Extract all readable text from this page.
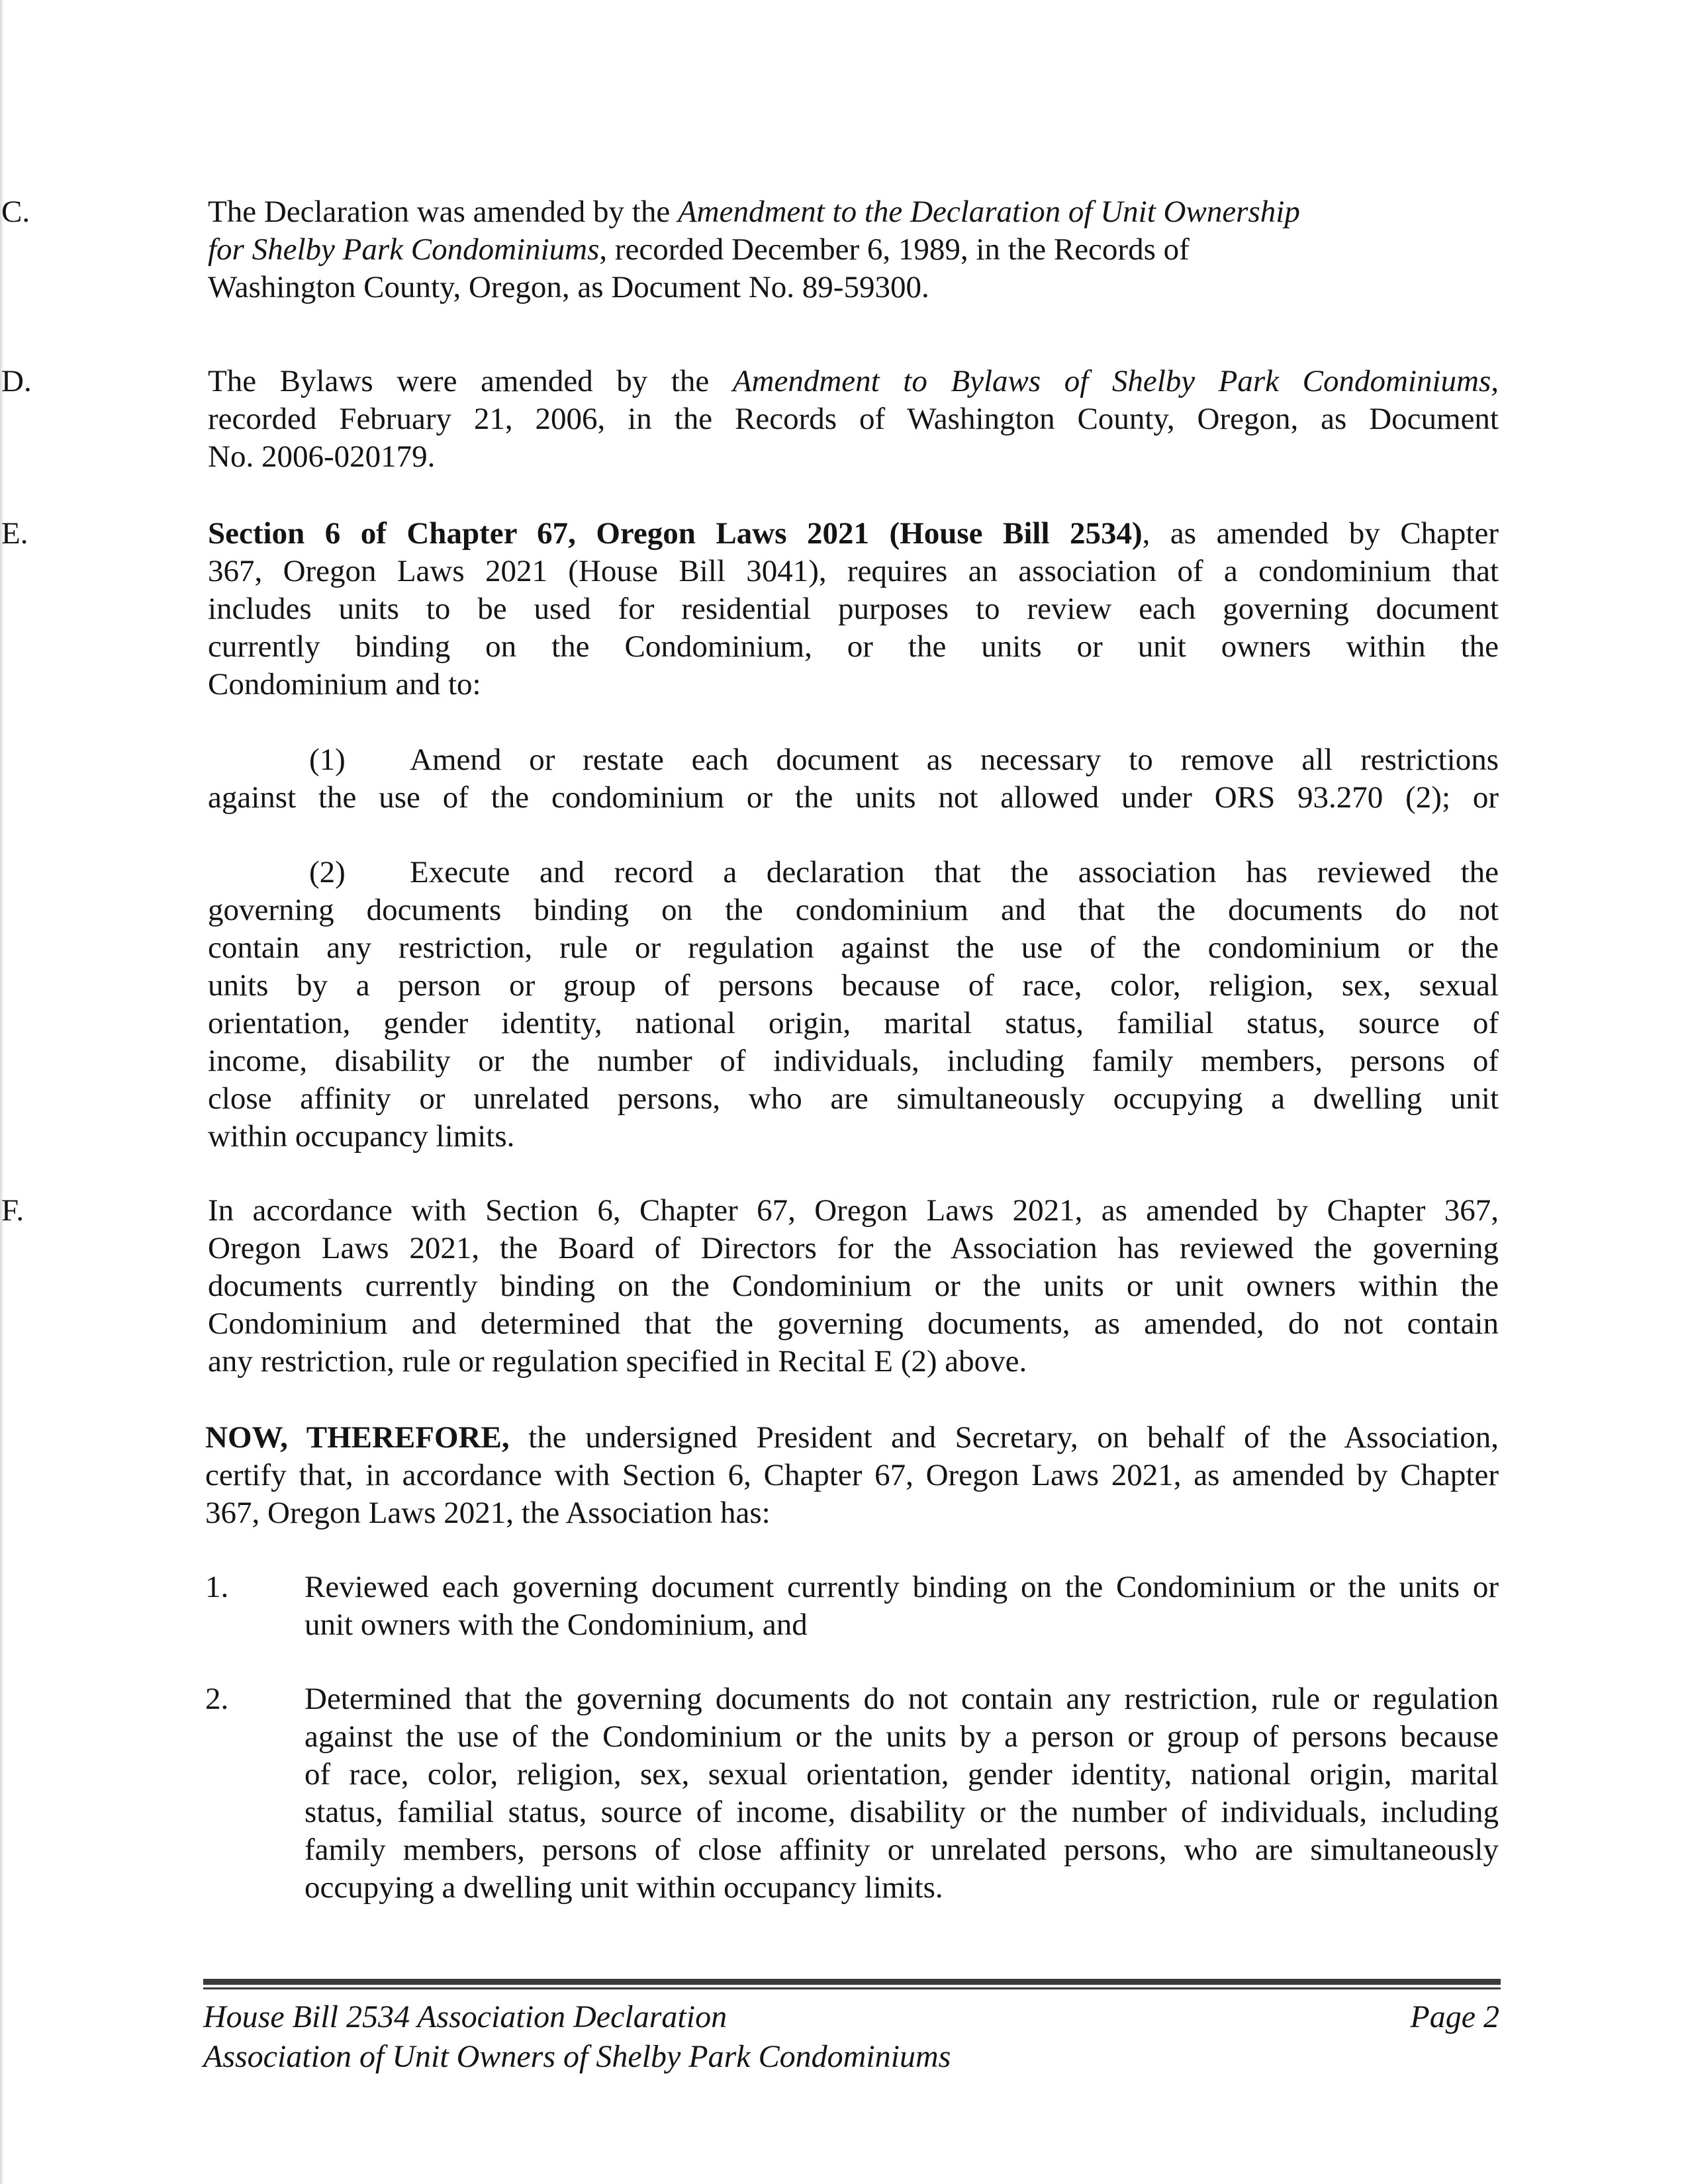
C.	The Declaration was amended by the Amendment to the Declaration of Unit Ownership
for Shelby Park Condominiums, recorded December 6, 1989, in the Records of
Washington County, Oregon, as Document No. 89-59300.
D.	The Bylaws were amended by the Amendment to Bylaws of Shelby Park Condominiums,
recorded February 21, 2006, in the Records of Washington County, Oregon, as Document
No. 2006-020179.
E.	Section 6 of Chapter 67, Oregon Laws 2021 (House Bill 2534), as amended by Chapter
367, Oregon Laws 2021 (House Bill 3041), requires an association of a condominium that
includes units to be used for residential purposes to review each governing document
currently binding on the Condominium, or the units or unit owners within the
Condominium and to:
(1) Amend or restate each document as necessary to remove all restrictions
against the use of the condominium or the units not allowed under ORS 93.270 (2); or
(2) Execute and record a declaration that the association has reviewed the
governing documents binding on the condominium and that the documents do not
contain any restriction, rule or regulation against the use of the condominium or the
units by a person or group of persons because of race, color, religion, sex, sexual
orientation, gender identity, national origin, marital status, familial status, source of
income, disability or the number of individuals, including family members, persons of
close affinity or unrelated persons, who are simultaneously occupying a dwelling unit
within occupancy limits.
F.	In accordance with Section 6, Chapter 67, Oregon Laws 2021, as amended by Chapter 367,
Oregon Laws 2021, the Board of Directors for the Association has reviewed the governing
documents currently binding on the Condominium or the units or unit owners within the
Condominium and determined that the governing documents, as amended, do not contain
any restriction, rule or regulation specified in Recital E (2) above.
NOW, THEREFORE, the undersigned President and Secretary, on behalf of the Association,
certify that, in accordance with Section 6, Chapter 67, Oregon Laws 2021, as amended by Chapter
367, Oregon Laws 2021, the Association has:
1. Reviewed each governing document currently binding on the Condominium or the units or
unit owners with the Condominium, and
2. Determined that the governing documents do not contain any restriction, rule or regulation
against the use of the Condominium or the units by a person or group of persons because
of race, color, religion, sex, sexual orientation, gender identity, national origin, marital
status, familial status, source of income, disability or the number of individuals, including
family members, persons of close affinity or unrelated persons, who are simultaneously
occupying a dwelling unit within occupancy limits.
House Bill 2534 Association Declaration
Association of Unit Owners of Shelby Park Condominiums
Page 2
